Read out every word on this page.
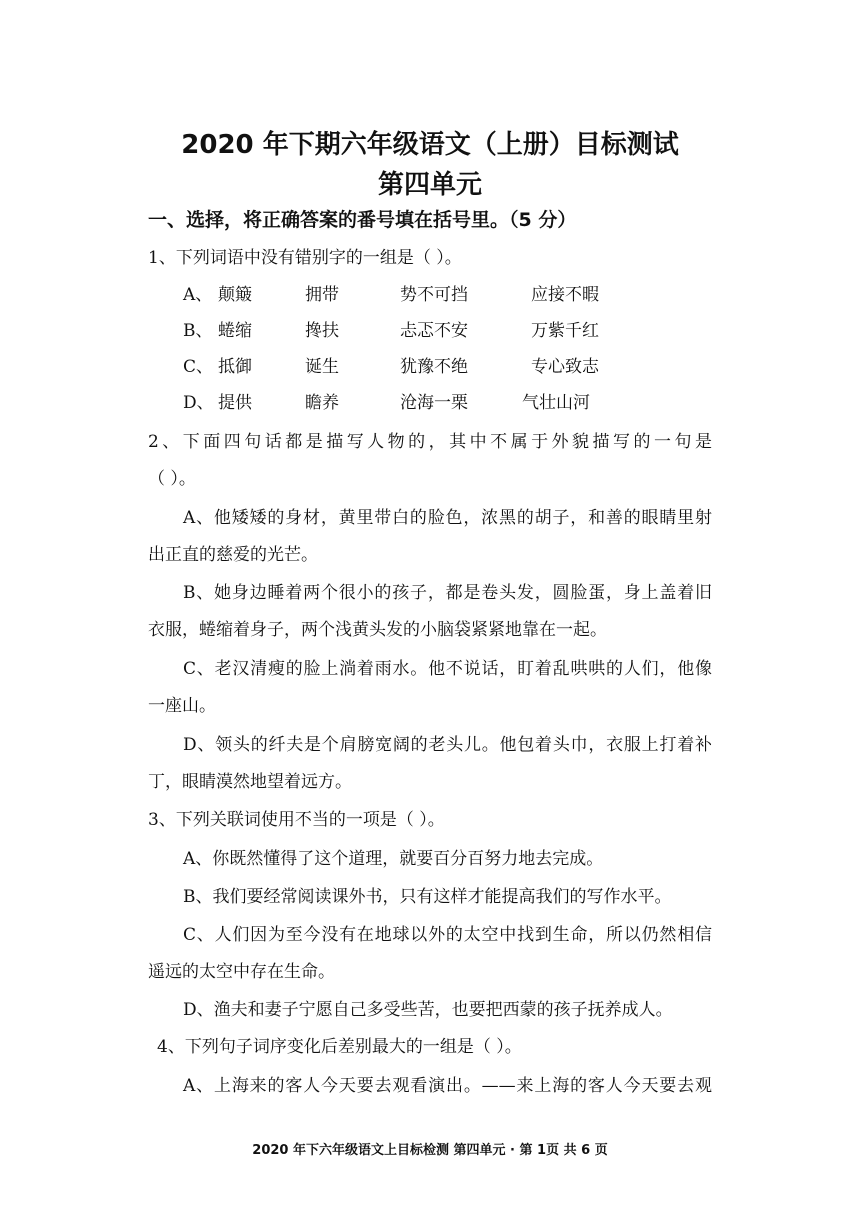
2020 年下期六年级语文（上册）目标测试
第四单元
一、选择，将正确答案的番号填在括号里。（5 分）
1、下列词语中没有错别字的一组是（ ）。
A、 颠簸	拥带	势不可挡	应接不暇
B、 蜷缩	搀扶	忐忑不安	万紫千红
C、 抵御	诞生	犹豫不绝	专心致志
D、 提供	瞻养	沧海一栗	气壮山河
2、下面四句话都是描写人物的，其中不属于外貌描写的一句是
（ ）。
A、他矮矮的身材，黄里带白的脸色，浓黑的胡子，和善的眼睛里射
出正直的慈爱的光芒。
B、她身边睡着两个很小的孩子，都是卷头发，圆脸蛋，身上盖着旧
衣服，蜷缩着身子，两个浅黄头发的小脑袋紧紧地靠在一起。
C、老汉清瘦的脸上淌着雨水。他不说话，盯着乱哄哄的人们，他像
一座山。
D、领头的纤夫是个肩膀宽阔的老头儿。他包着头巾，衣服上打着补
丁，眼睛漠然地望着远方。
3、下列关联词使用不当的一项是（ ）。
A、你既然懂得了这个道理，就要百分百努力地去完成。
B、我们要经常阅读课外书，只有这样才能提高我们的写作水平。
C、人们因为至今没有在地球以外的太空中找到生命，所以仍然相信
遥远的太空中存在生命。
D、渔夫和妻子宁愿自己多受些苦，也要把西蒙的孩子抚养成人。
4、下列句子词序变化后差别最大的一组是（ ）。
A、上海来的客人今天要去观看演出。——来上海的客人今天要去观
2020 年下六年级语文上目标检测 第四单元 · 第 1页 共 6 页
